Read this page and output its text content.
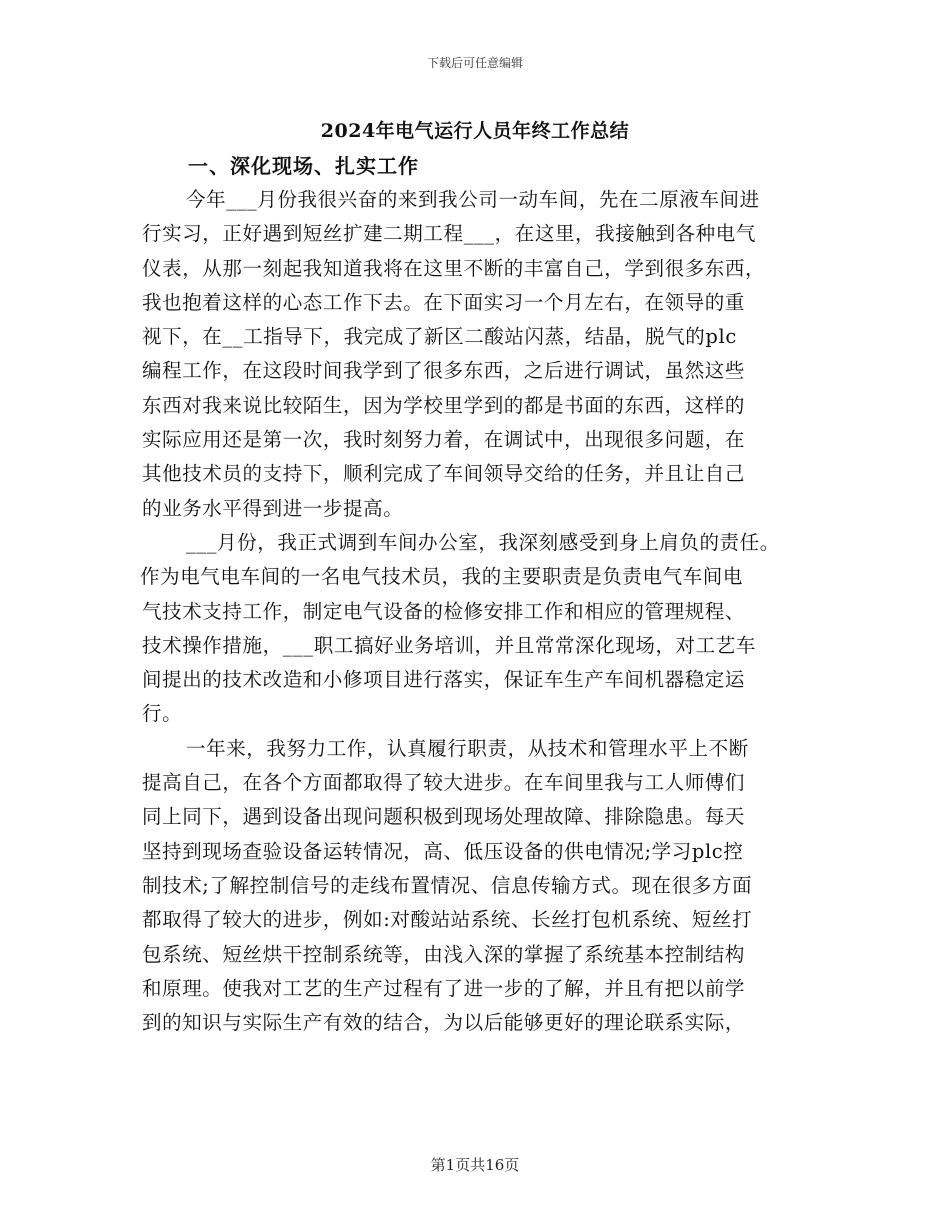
下载后可任意编辑
2024年电气运行人员年终工作总结
一、深化现场、扎实工作
今年___月份我很兴奋的来到我公司一动车间，先在二原液车间进
行实习，正好遇到短丝扩建二期工程___，在这里，我接触到各种电气
仪表，从那一刻起我知道我将在这里不断的丰富自己，学到很多东西，
我也抱着这样的心态工作下去。在下面实习一个月左右，在领导的重
视下，在__工指导下，我完成了新区二酸站闪蒸，结晶，脱气的plc
编程工作，在这段时间我学到了很多东西，之后进行调试，虽然这些
东西对我来说比较陌生，因为学校里学到的都是书面的东西，这样的
实际应用还是第一次，我时刻努力着，在调试中，出现很多问题，在
其他技术员的支持下，顺利完成了车间领导交给的任务，并且让自己
的业务水平得到进一步提高。
___月份，我正式调到车间办公室，我深刻感受到身上肩负的责任。
作为电气电车间的一名电气技术员，我的主要职责是负责电气车间电
气技术支持工作，制定电气设备的检修安排工作和相应的管理规程、
技术操作措施，___职工搞好业务培训，并且常常深化现场，对工艺车
间提出的技术改造和小修项目进行落实，保证车生产车间机器稳定运
行。
一年来，我努力工作，认真履行职责，从技术和管理水平上不断
提高自己，在各个方面都取得了较大进步。在车间里我与工人师傅们
同上同下，遇到设备出现问题积极到现场处理故障、排除隐患。每天
坚持到现场查验设备运转情况，高、低压设备的供电情况;学习plc控
制技术;了解控制信号的走线布置情况、信息传输方式。现在很多方面
都取得了较大的进步，例如:对酸站站系统、长丝打包机系统、短丝打
包系统、短丝烘干控制系统等，由浅入深的掌握了系统基本控制结构
和原理。使我对工艺的生产过程有了进一步的了解，并且有把以前学
到的知识与实际生产有效的结合，为以后能够更好的理论联系实际，
第1页共16页
